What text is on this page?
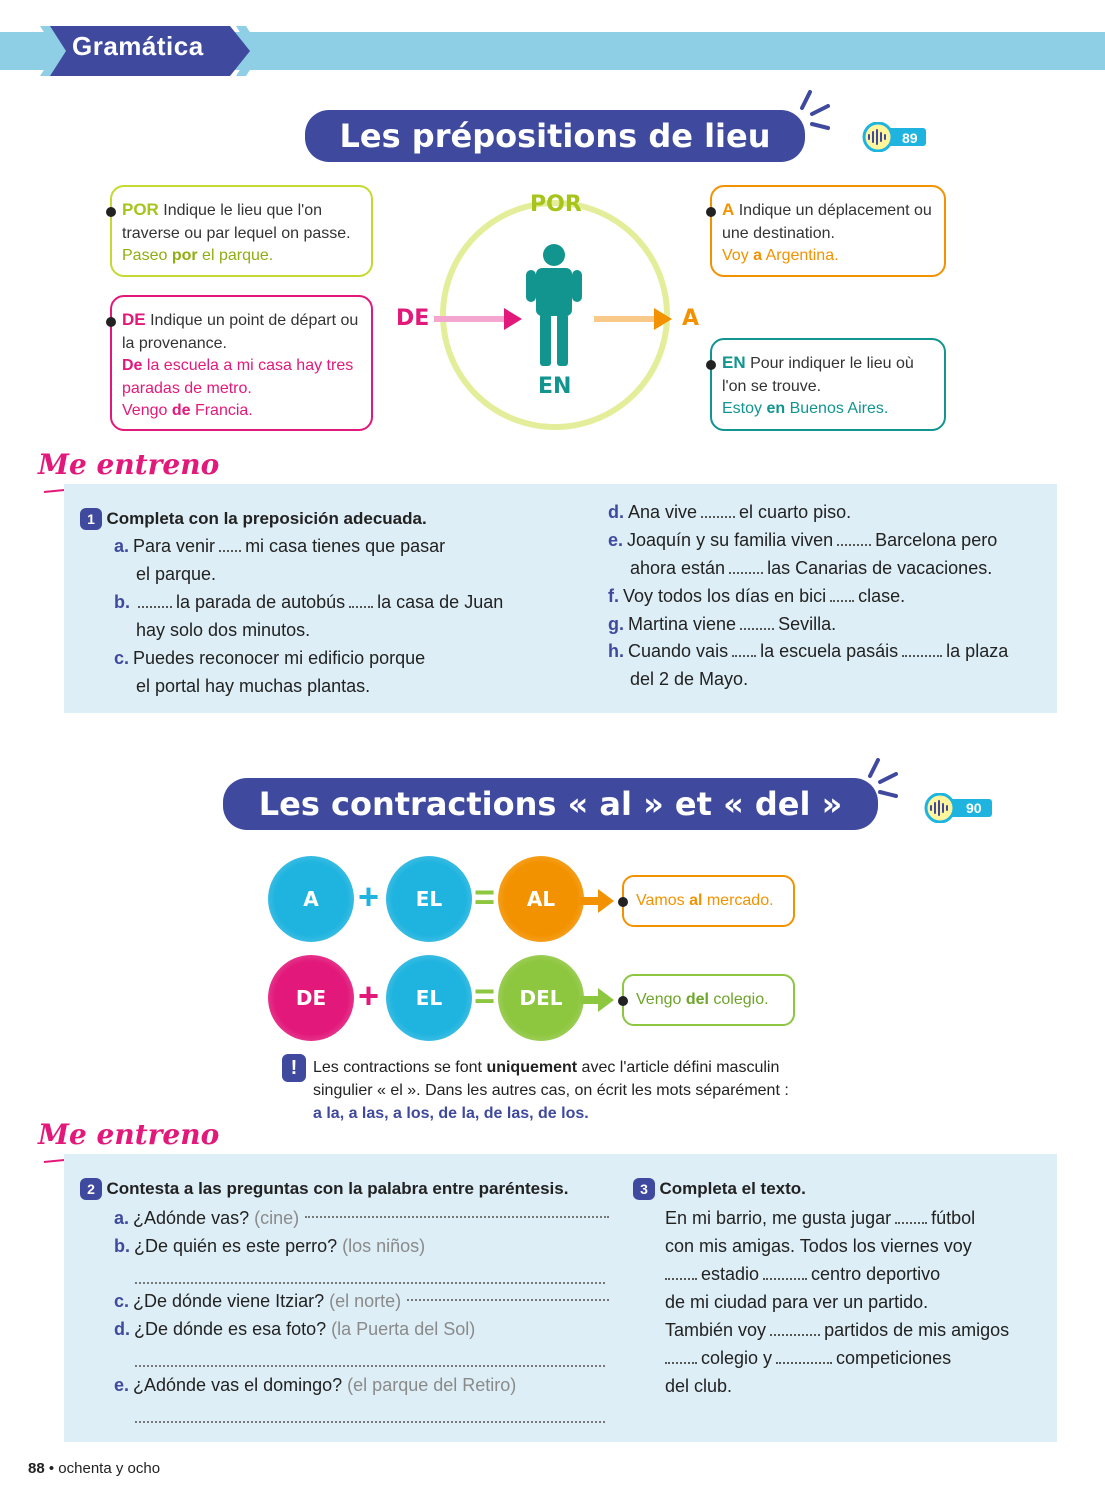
Gramática
Les prépositions de lieu	89
POR
DE	A
EN
POR Indique le lieu que l'on traverse ou par lequel on passe.
Paseo por el parque.
DE Indique un point de départ ou la provenance.
De la escuela a mi casa hay tres paradas de metro.
Vengo de Francia.
A Indique un déplacement ou une destination.
Voy a Argentina.
EN Pour indiquer le lieu où l'on se trouve.
Estoy en Buenos Aires.
Me entreno
1 Completa con la preposición adecuada.
a. Para venir mi casa tienes que pasar
el parque.
b.	la parada de autobús la casa de Juan
hay solo dos minutos.
c. Puedes reconocer mi edificio porque
el portal hay muchas plantas.
d. Ana vive el cuarto piso.
e. Joaquín y su familia viven Barcelona pero
ahora están las Canarias de vacaciones.
f. Voy todos los días en bici clase.
g. Martina viene Sevilla.
h. Cuando vais la escuela pasáis	la plaza
del 2 de Mayo.
Les contractions « al » et « del »	90
A	+	EL =	AL	Vamos al mercado.
DE +	EL =	DEL	Vengo del colegio.
! Les contractions se font uniquement avec l'article défini masculin singulier « el ». Dans les autres cas, on écrit les mots séparément :
a la, a las, a los, de la, de las, de los.
Me entreno
2 Contesta a las preguntas con la palabra entre paréntesis.
a. ¿Adónde vas?
(cine)
b. ¿De quién es este perro? (los niños)
c. ¿De dónde viene Itziar?
(el norte)
d. ¿De dónde es esa foto? (la Puerta del Sol)
e. ¿Adónde vas el domingo? (el parque del Retiro)
3 Completa el texto.
En mi barrio, me gusta jugar fútbol
con mis amigas. Todos los viernes voy
estadio	centro deportivo
de mi ciudad para ver un partido.
También voy	partidos de mis amigos
colegio y	competiciones
del club.
88 • ochenta y ocho
